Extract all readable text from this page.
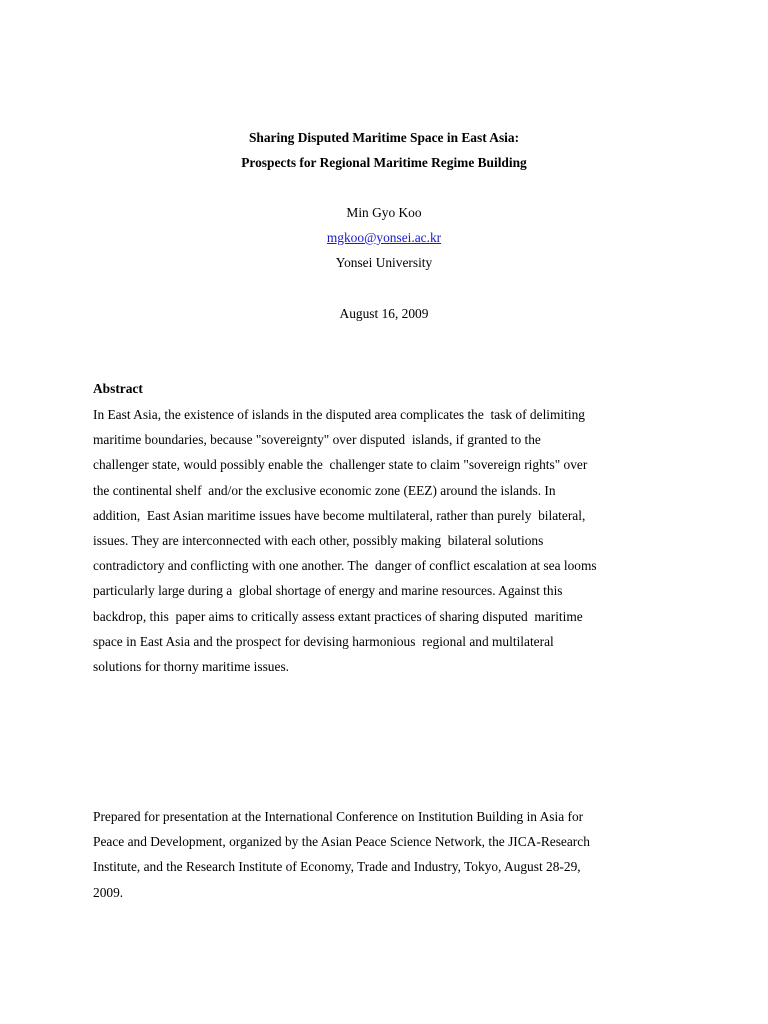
Sharing Disputed Maritime Space in East Asia:

Prospects for Regional Maritime Regime Building

Min Gyo Koo

mgkoo@yonsei.ac.kr

Yonsei University

August 16, 2009

Abstract

In East Asia, the existence of islands in the disputed area complicates the  task of delimiting
maritime boundaries, because "sovereignty" over disputed  islands, if granted to the
challenger state, would possibly enable the  challenger state to claim "sovereign rights" over
the continental shelf  and/or the exclusive economic zone (EEZ) around the islands. In
addition,  East Asian maritime issues have become multilateral, rather than purely  bilateral,
issues. They are interconnected with each other, possibly making  bilateral solutions
contradictory and conflicting with one another. The  danger of conflict escalation at sea looms
particularly large during a  global shortage of energy and marine resources. Against this
backdrop, this  paper aims to critically assess extant practices of sharing disputed  maritime
space in East Asia and the prospect for devising harmonious  regional and multilateral
solutions for thorny maritime issues.
Prepared for presentation at the International Conference on Institution Building in Asia for
Peace and Development, organized by the Asian Peace Science Network, the JICA-Research
Institute, and the Research Institute of Economy, Trade and Industry, Tokyo, August 28-29,
2009.
